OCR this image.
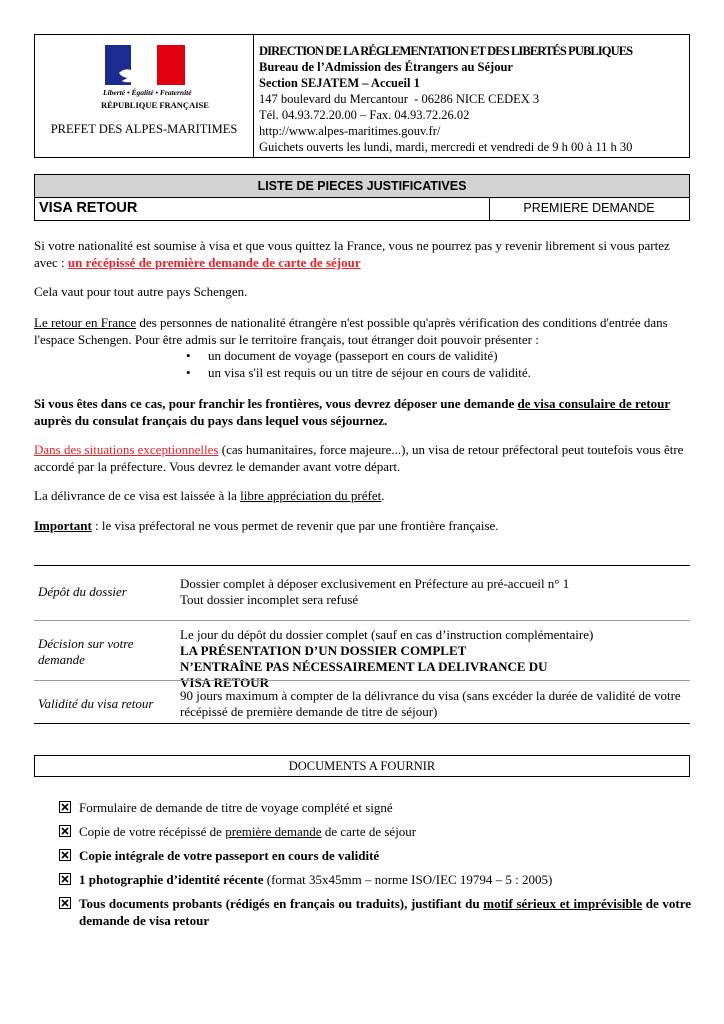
Liberté • Égalité • Fraternité
RÉPUBLIQUE FRANÇAISE
PREFET DES ALPES-MARITIMES
DIRECTION DE LA RÉGLEMENTATION ET DES LIBERTÉS PUBLIQUES
Bureau de l’Admission des Étrangers au Séjour
Section SEJATEM – Accueil 1
147 boulevard du Mercantour  - 06286 NICE CEDEX 3
Tél. 04.93.72.20.00 – Fax. 04.93.72.26.02
http://www.alpes-maritimes.gouv.fr/
Guichets ouverts les lundi, mardi, mercredi et vendredi de 9 h 00 à 11 h 30
LISTE DE PIECES JUSTIFICATIVES
VISA RETOUR	PREMIERE DEMANDE
Si votre nationalité est soumise à visa et que vous quittez la France, vous ne pourrez pas y revenir librement si vous partez avec : un récépissé de première demande de carte de séjour
Cela vaut pour tout autre pays Schengen.
Le retour en France des personnes de nationalité étrangère n'est possible qu'après vérification des conditions d'entrée dans l'espace Schengen. Pour être admis sur le territoire français, tout étranger doit pouvoir présenter :
• un document de voyage (passeport en cours de validité)
• un visa s'il est requis ou un titre de séjour en cours de validité.
Si vous êtes dans ce cas, pour franchir les frontières, vous devrez déposer une demande de visa consulaire de retour auprès du consulat français du pays dans lequel vous séjournez.
Dans des situations exceptionnelles (cas humanitaires, force majeure...), un visa de retour préfectoral peut toutefois vous être accordé par la préfecture. Vous devrez le demander avant votre départ.
La délivrance de ce visa est laissée à la libre appréciation du préfet.
Important : le visa préfectoral ne vous permet de revenir que par une frontière française.
Dépôt du dossier
Dossier complet à déposer exclusivement en Préfecture au pré-accueil n° 1
Tout dossier incomplet sera refusé
Décision sur votre demande
Le jour du dépôt du dossier complet (sauf en cas d’instruction complémentaire)
LA PRÉSENTATION D’UN DOSSIER COMPLET N’ENTRAÎNE PAS NÉCESSAIREMENT LA DELIVRANCE DU VISA RETOUR
Validité du visa retour
90 jours maximum à compter de la délivrance du visa (sans excéder la durée de validité de votre récépissé de première demande de titre de séjour)
DOCUMENTS A FOURNIR
Formulaire de demande de titre de voyage complété et signé
Copie de votre récépissé de première demande de carte de séjour
Copie intégrale de votre passeport en cours de validité
1 photographie d’identité récente (format 35x45mm – norme ISO/IEC 19794 – 5 : 2005)
Tous documents probants (rédigés en français ou traduits), justifiant du motif sérieux et imprévisible de votre demande de visa retour
